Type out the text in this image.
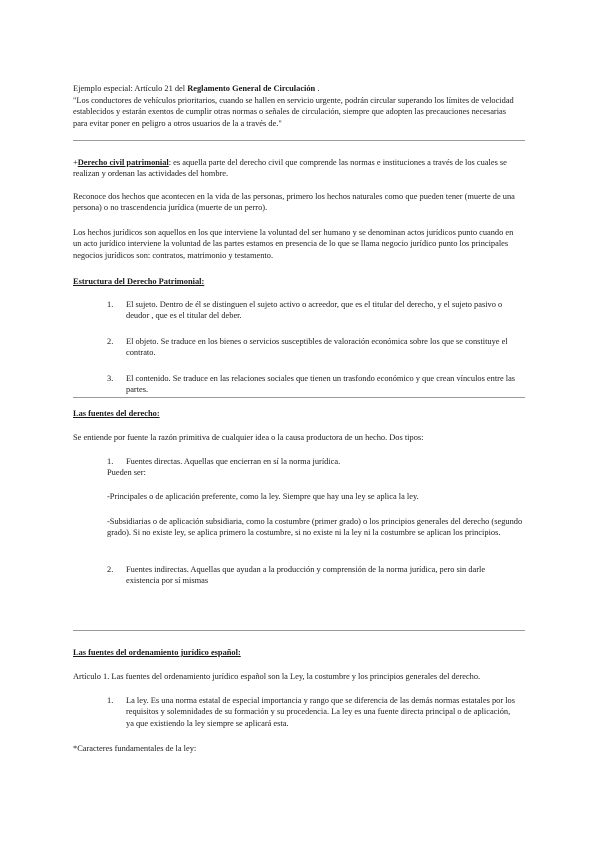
Ejemplo especial: Artículo 21 del Reglamento General de Circulación .

"Los conductores de vehículos prioritarios, cuando se hallen en servicio urgente, podrán circular superando los límites de velocidad establecidos y estarán exentos de cumplir otras normas o señales de circulación, siempre que adopten las precauciones necesarias para evitar poner en peligro a otros usuarios de la a través de."

+Derecho civil patrimonial: es aquella parte del derecho civil que comprende las normas e instituciones a través de los cuales se realizan y ordenan las actividades del hombre.

Reconoce dos hechos que acontecen en la vida de las personas, primero los hechos naturales como que pueden tener (muerte de una persona) o no trascendencia jurídica (muerte de un perro).

Los hechos jurídicos son aquellos en los que interviene la voluntad del ser humano y se denominan actos jurídicos punto cuando en un acto jurídico interviene la voluntad de las partes estamos en presencia de lo que se llama negocio jurídico punto los principales negocios jurídicos son: contratos, matrimonio y testamento.

Estructura del Derecho Patrimonial:

1. El sujeto. Dentro de él se distinguen el sujeto activo o acreedor, que es el titular del derecho, y el sujeto pasivo o deudor , que es el titular del deber.

2. El objeto. Se traduce en los bienes o servicios susceptibles de valoración económica sobre los que se constituye el contrato.

3. El contenido. Se traduce en las relaciones sociales que tienen un trasfondo económico y que crean vínculos entre las partes.

Las fuentes del derecho:

Se entiende por fuente la razón primitiva de cualquier idea o la causa productora de un hecho. Dos tipos:

1. Fuentes directas. Aquellas que encierran en sí la norma jurídica.

Pueden ser:

-Principales o de aplicación preferente, como la ley. Siempre que hay una ley se aplica la ley.

-Subsidiarias o de aplicación subsidiaria, como la costumbre (primer grado) o los principios generales del derecho (segundo grado). Si no existe ley, se aplica primero la costumbre, si no existe ni la ley ni la costumbre se aplican los principios.

2. Fuentes indirectas. Aquellas que ayudan a la producción y comprensión de la norma jurídica, pero sin darle existencia por sí mismas

Las fuentes del ordenamiento jurídico español:

Artículo 1. Las fuentes del ordenamiento jurídico español son la Ley, la costumbre y los principios generales del derecho.

1. La ley. Es una norma estatal de especial importancia y rango que se diferencia de las demás normas estatales por los requisitos y solemnidades de su formación y su procedencia. La ley es una fuente directa principal o de aplicación, ya que existiendo la ley siempre se aplicará esta.

*Caracteres fundamentales de la ley:
